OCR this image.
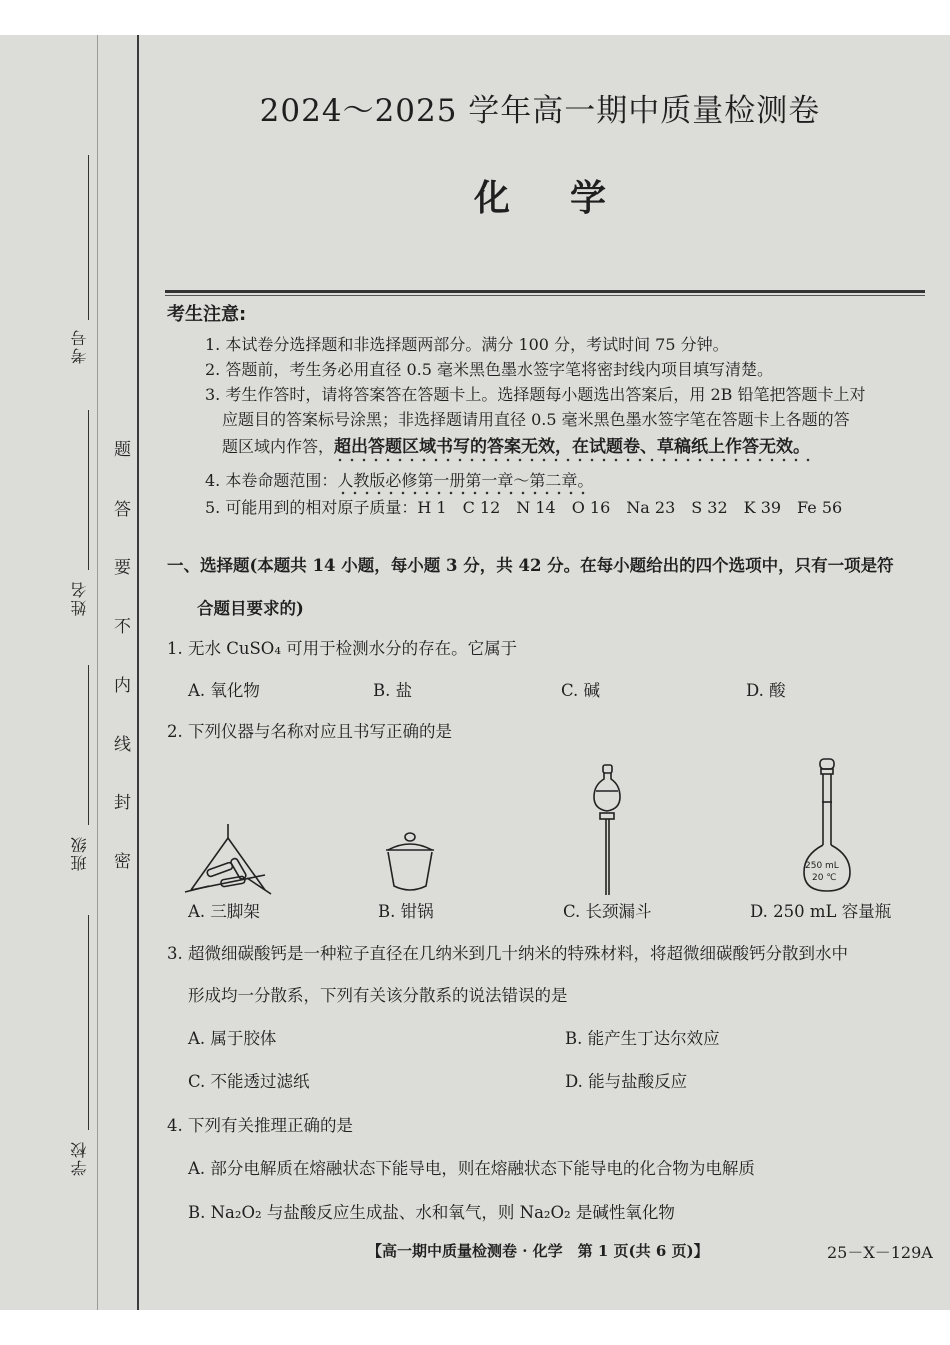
考号
姓名
班级
学校
题
答
要
不
内
线
封
密
2024～2025 学年高一期中质量检测卷
化学
考生注意:
1. 本试卷分选择题和非选择题两部分。满分 100 分，考试时间 75 分钟。
2. 答题前，考生务必用直径 0.5 毫米黑色墨水签字笔将密封线内项目填写清楚。
3. 考生作答时，请将答案答在答题卡上。选择题每小题选出答案后，用 2B 铅笔把答题卡上对
应题目的答案标号涂黑；非选择题请用直径 0.5 毫米黑色墨水签字笔在答题卡上各题的答
题区域内作答，超出答题区域书写的答案无效，在试题卷、草稿纸上作答无效。
4. 本卷命题范围：人教版必修第一册第一章～第二章。
5. 可能用到的相对原子质量：H 1　C 12　N 14　O 16　Na 23　S 32　K 39　Fe 56
一、选择题(本题共 14 小题，每小题 3 分，共 42 分。在每小题给出的四个选项中，只有一项是符
合题目要求的)
1. 无水 CuSO₄ 可用于检测水分的存在。它属于
A. 氧化物	B. 盐	C. 碱	D. 酸
2. 下列仪器与名称对应且书写正确的是
A. 三脚架	B. 钳锅	C. 长颈漏斗
250 mL
20 ℃
D. 250 mL 容量瓶
3. 超微细碳酸钙是一种粒子直径在几纳米到几十纳米的特殊材料，将超微细碳酸钙分散到水中
形成均一分散系，下列有关该分散系的说法错误的是
A. 属于胶体	B. 能产生丁达尔效应
C. 不能透过滤纸	D. 能与盐酸反应
4. 下列有关推理正确的是
A. 部分电解质在熔融状态下能导电，则在熔融状态下能导电的化合物为电解质
B. Na₂O₂ 与盐酸反应生成盐、水和氧气，则 Na₂O₂ 是碱性氧化物
【高一期中质量检测卷 · 化学　第 1 页(共 6 页)】	25－X－129A
